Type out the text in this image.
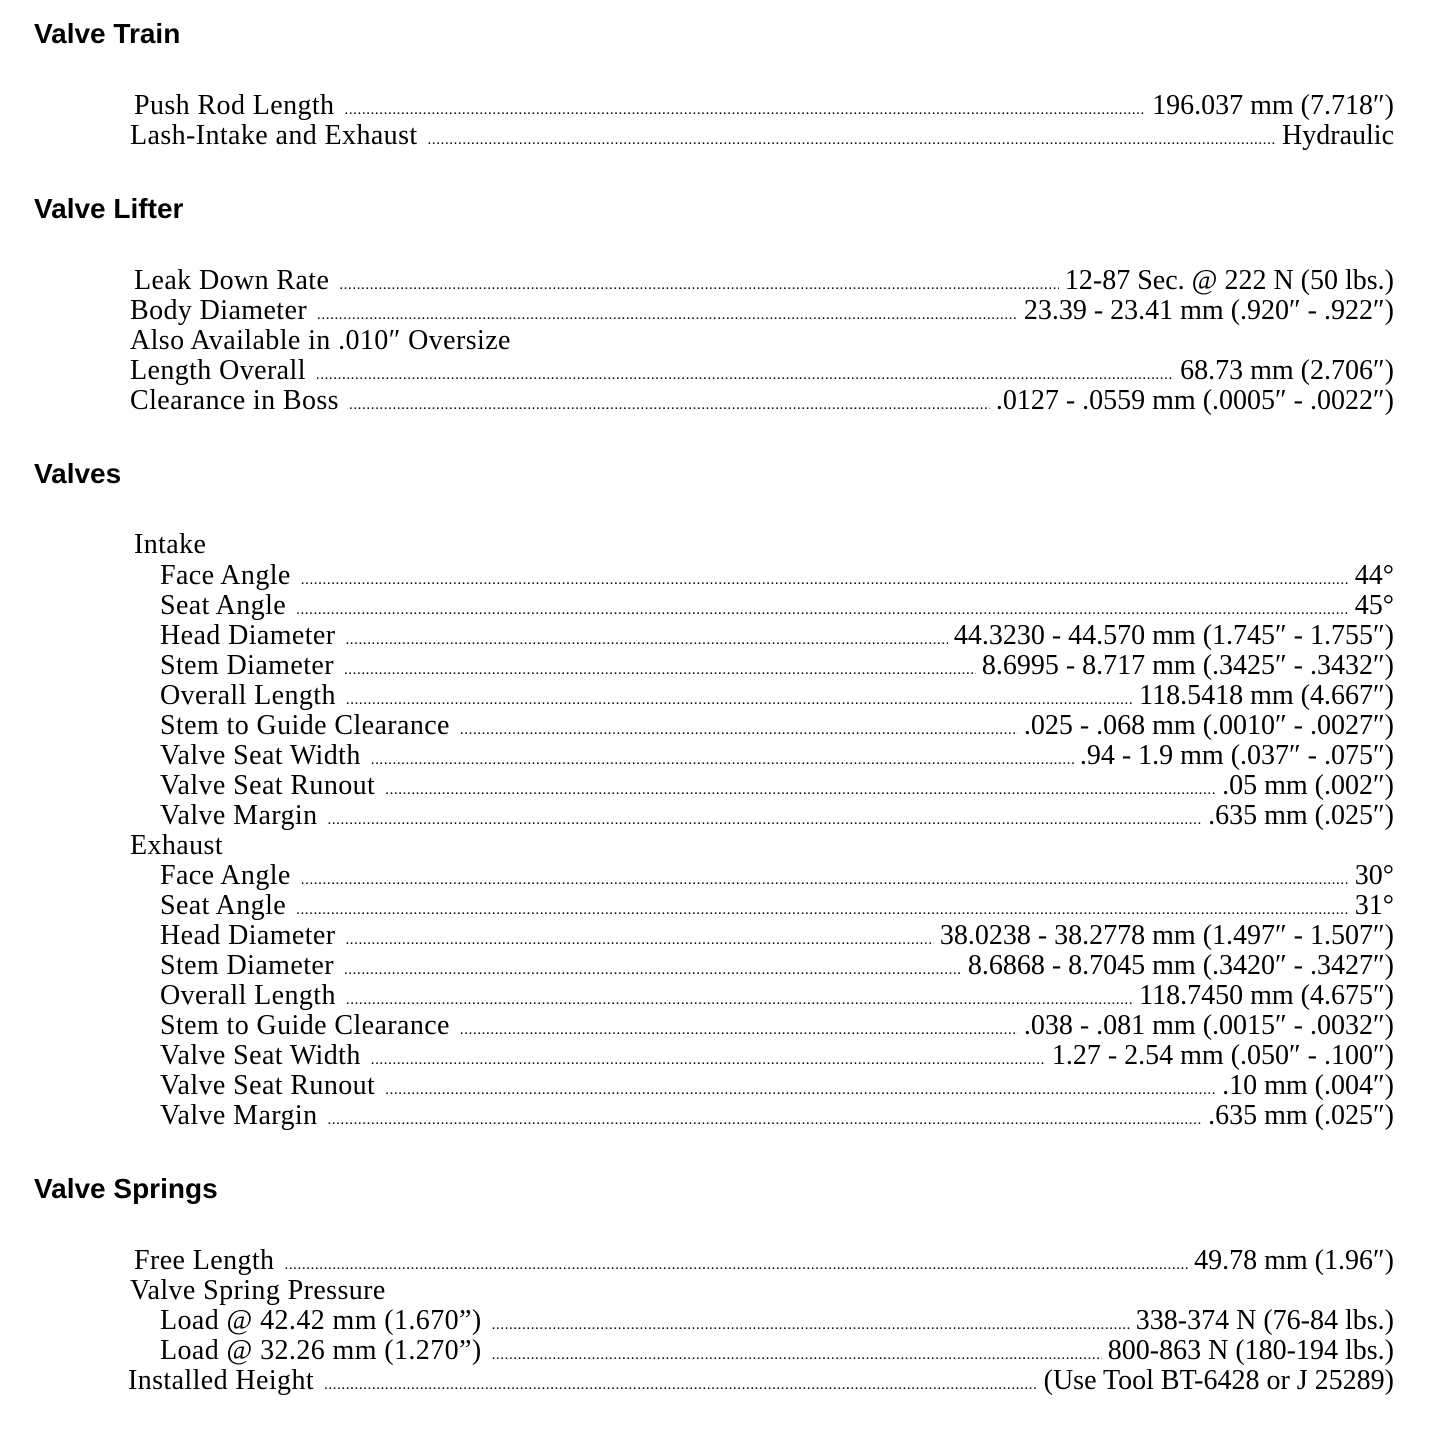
Valve Train
Push Rod Length .....	196.037 mm (7.718″)
Lash-Intake and Exhaust .....	Hydraulic
Valve Lifter
Leak Down Rate .....	12-87 Sec. @ 222 N (50 lbs.)
Body Diameter .....	23.39 - 23.41 mm (.920″ - .922″)

Also Available in .010″ Oversize

Length Overall .....	68.73 mm (2.706″)
Clearance in Boss .....	.0127 - .0559 mm (.0005″ - .0022″)
Valves

Intake

Face Angle .....	44°
Seat Angle .....	45°
Head Diameter .....	44.3230 - 44.570 mm (1.745″ - 1.755″)
Stem Diameter .....	8.6995 - 8.717 mm (.3425″ - .3432″)
Overall Length .....	118.5418 mm (4.667″)
Stem to Guide Clearance .....	.025 - .068 mm (.0010″ - .0027″)
Valve Seat Width .....	.94 - 1.9 mm (.037″ - .075″)
Valve Seat Runout .....	.05 mm (.002″)
Valve Margin .....	.635 mm (.025″)

Exhaust

Face Angle .....	30°
Seat Angle .....	31°
Head Diameter .....	38.0238 - 38.2778 mm (1.497″ - 1.507″)
Stem Diameter .....	8.6868 - 8.7045 mm (.3420″ - .3427″)
Overall Length .....	118.7450 mm (4.675″)
Stem to Guide Clearance .....	.038 - .081 mm (.0015″ - .0032″)
Valve Seat Width .....	1.27 - 2.54 mm (.050″ - .100″)
Valve Seat Runout .....	.10 mm (.004″)
Valve Margin .....	.635 mm (.025″)
Valve Springs
Free Length .....	49.78 mm (1.96″)

Valve Spring Pressure

Load @ 42.42 mm (1.670”) .....	338-374 N (76-84 lbs.)
Load @ 32.26 mm (1.270”) .....	800-863 N (180-194 lbs.)
Installed Height .....	(Use Tool BT-6428 or J 25289)
